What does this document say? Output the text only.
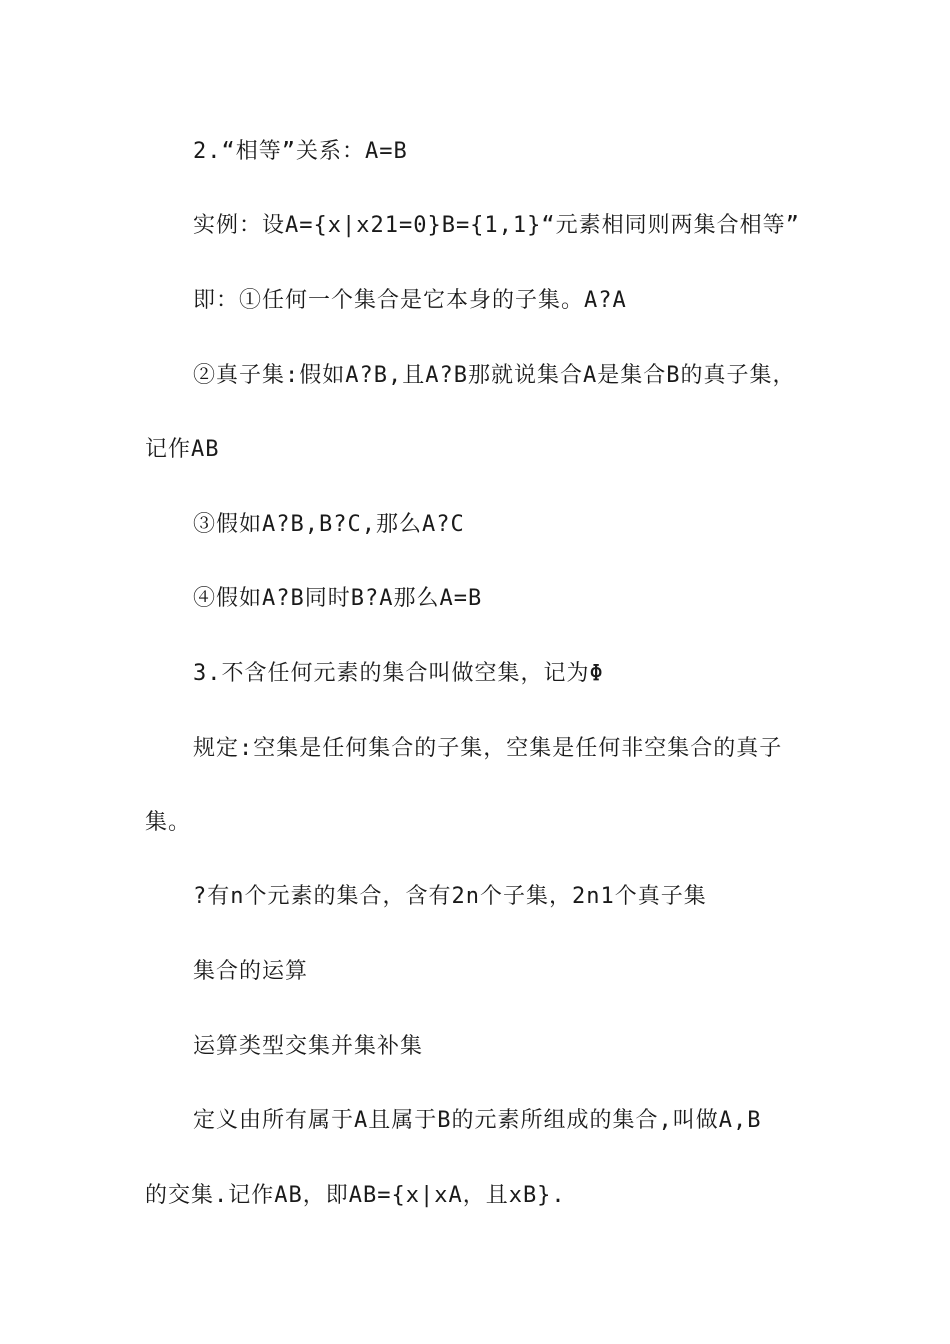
2.“相等”关系：A=B
实例：设A={x|x21=0}B={1,1}“元素相同则两集合相等”
即：①任何一个集合是它本身的子集。A?A
②真子集:假如A?B,且A?B那就说集合A是集合B的真子集，
记作AB
③假如A?B,B?C,那么A?C
④假如A?B同时B?A那么A=B
3.不含任何元素的集合叫做空集，记为Φ
规定:空集是任何集合的子集，空集是任何非空集合的真子
集。
?有n个元素的集合，含有2n个子集，2n1个真子集
集合的运算
运算类型交集并集补集
定义由所有属于A且属于B的元素所组成的集合,叫做A,B
的交集.记作AB，即AB={x|xA，且xB}.
